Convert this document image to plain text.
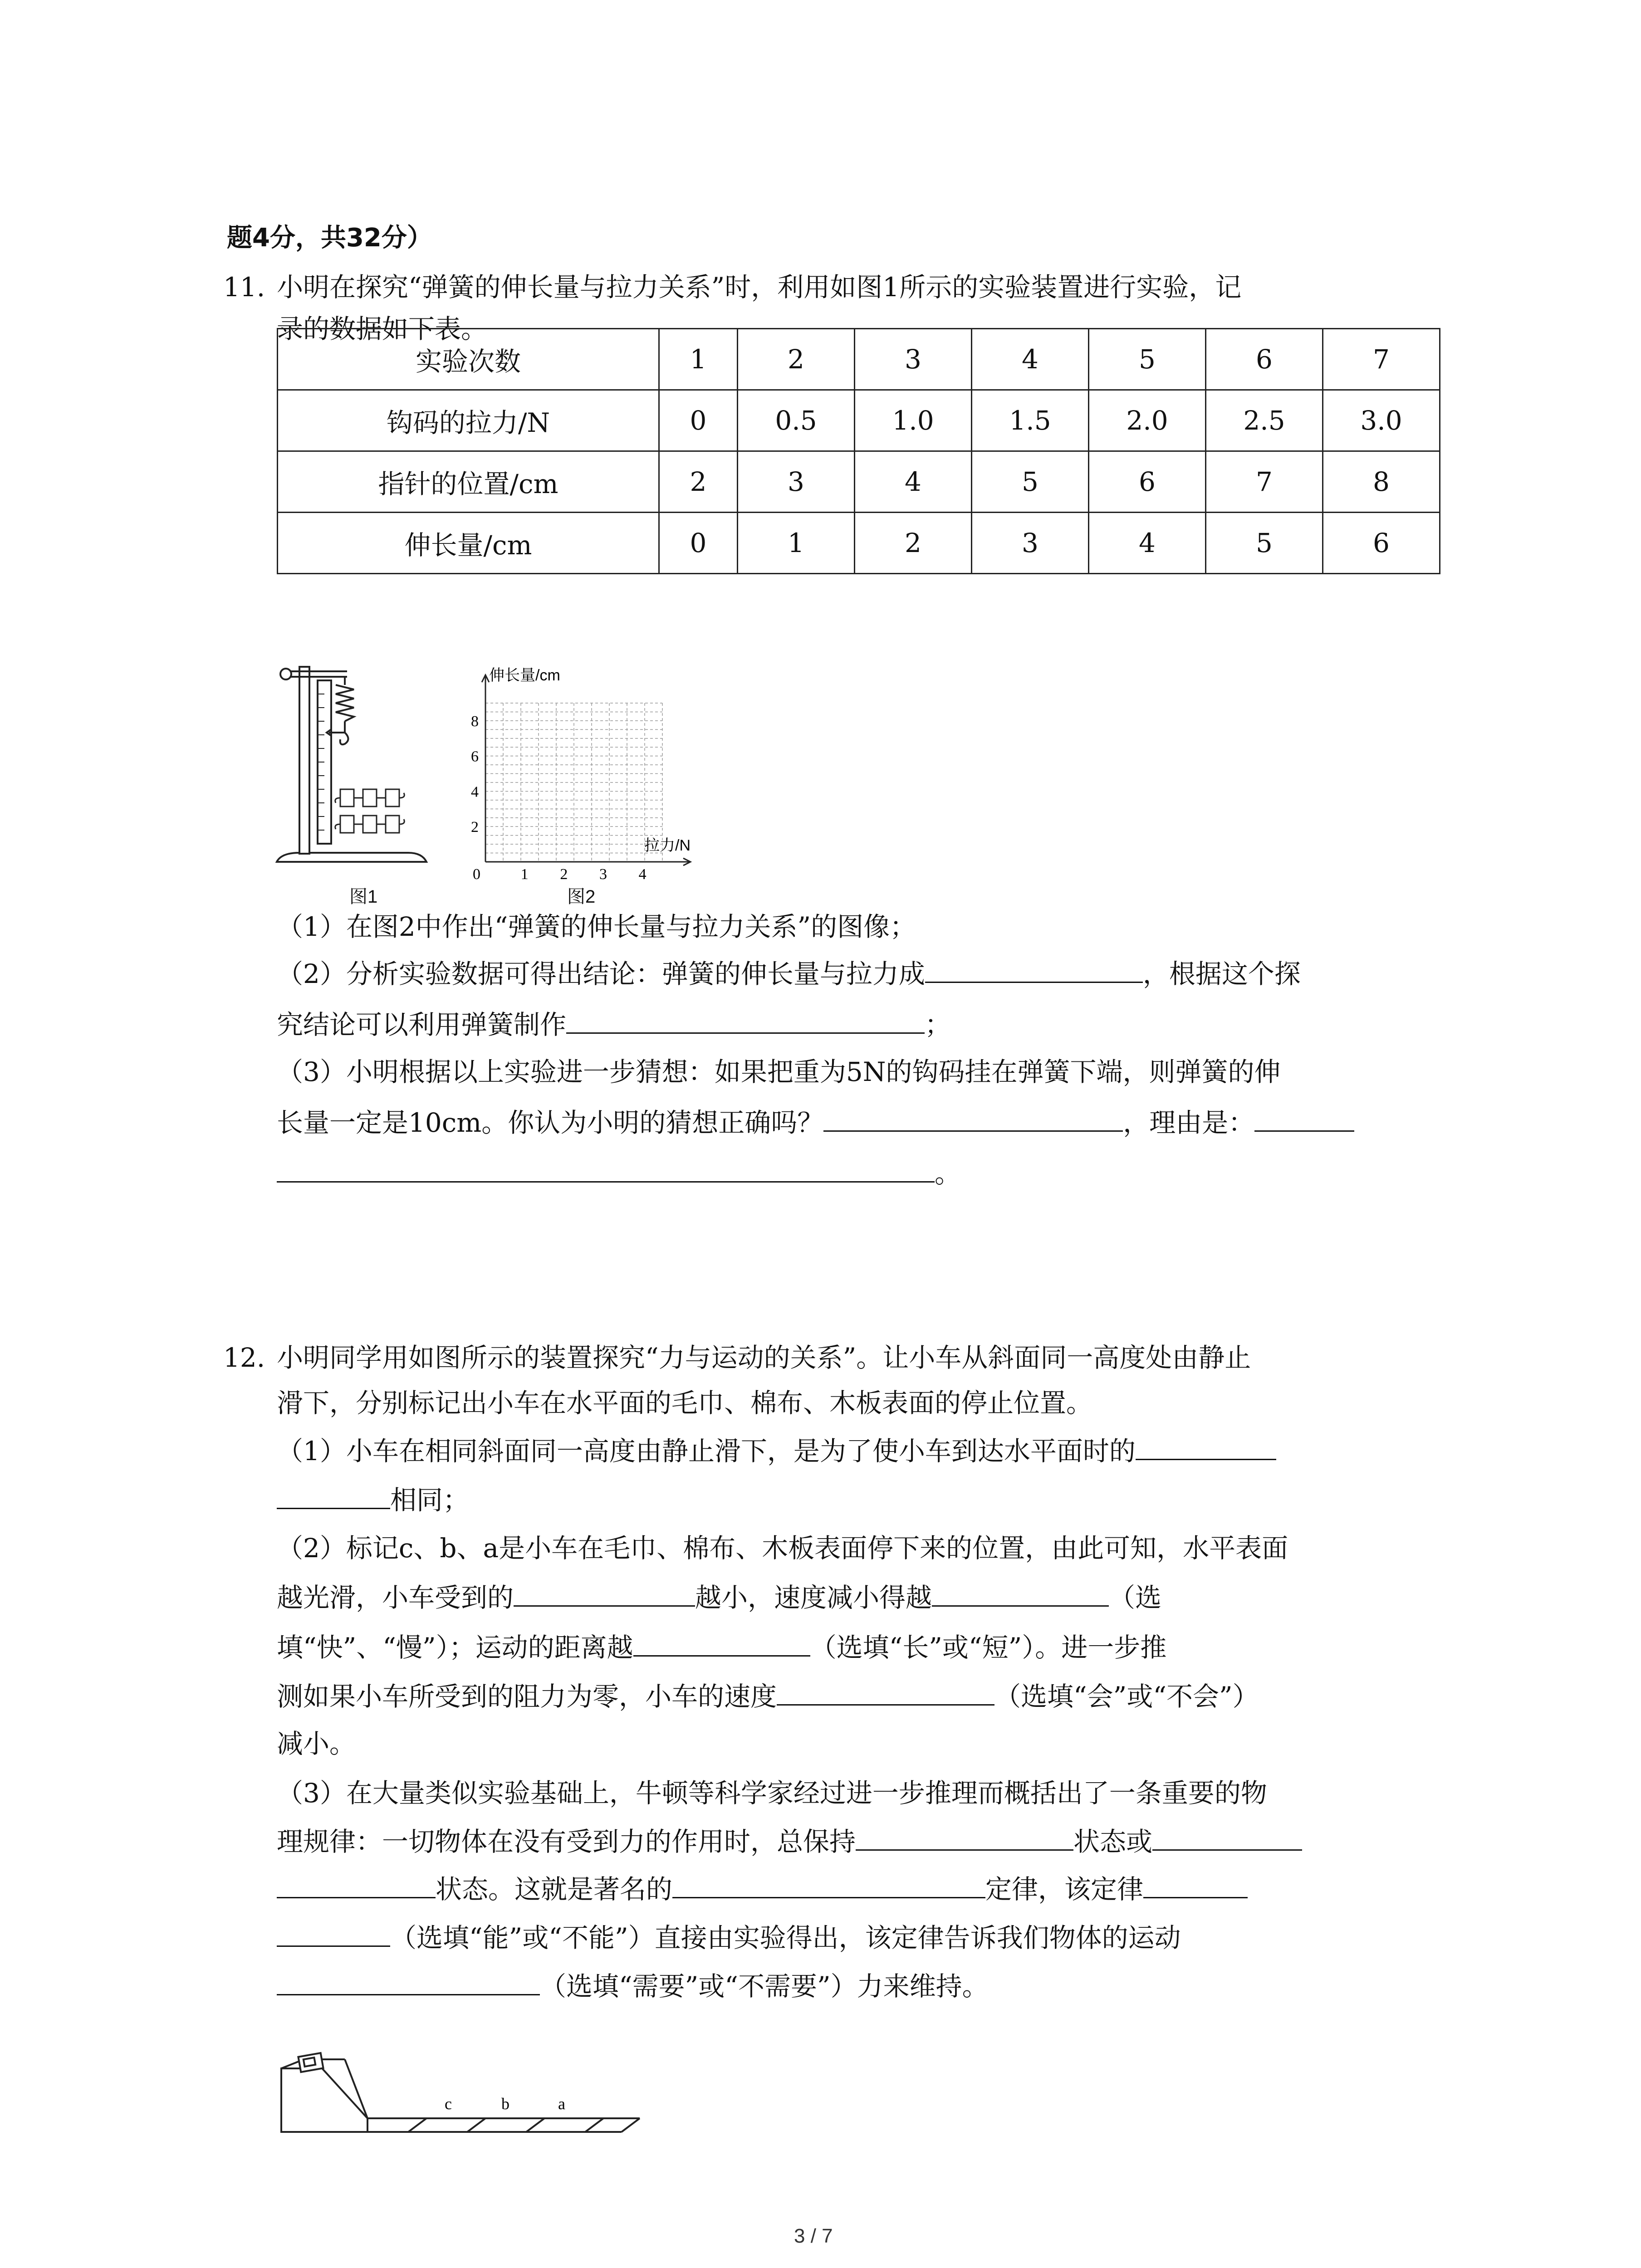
题4分，共32分）
11. 小明在探究“弹簧的伸长量与拉力关系”时，利用如图1所示的实验装置进行实验，记
录的数据如下表。
实验次数	1	2	3	4	5	6	7
钩码的拉力/N	0	0.5	1.0	1.5	2.0	2.5	3.0
指针的位置/cm	2	3	4	5	6	7	8
伸长量/cm	0	1	2	3	4	5	6
图1
2
4
6
8
1 2 3 4
伸长量/cm
拉力/N
0
图2
（1）在图2中作出“弹簧的伸长量与拉力关系”的图像；
（2）分析实验数据可得出结论：弹簧的伸长量与拉力成	，根据这个探
究结论可以利用弹簧制作	；
（3）小明根据以上实验进一步猜想：如果把重为5N的钩码挂在弹簧下端，则弹簧的伸
长量一定是10cm。你认为小明的猜想正确吗？	，理由是：
。
12. 小明同学用如图所示的装置探究“力与运动的关系”。让小车从斜面同一高度处由静止
滑下，分别标记出小车在水平面的毛巾、棉布、木板表面的停止位置。
（1）小车在相同斜面同一高度由静止滑下，是为了使小车到达水平面时的
相同；
（2）标记c、b、a是小车在毛巾、棉布、木板表面停下来的位置，由此可知，水平表面
越光滑，小车受到的	越小，速度减小得越	（选
填“快”、“慢”）；运动的距离越	（选填“长”或“短”）。进一步推
测如果小车所受到的阻力为零，小车的速度	（选填“会”或“不会”）
减小。
（3）在大量类似实验基础上，牛顿等科学家经过进一步推理而概括出了一条重要的物
理规律：一切物体在没有受到力的作用时，总保持	状态或
状态。这就是著名的	定律，该定律
（选填“能”或“不能”）直接由实验得出，该定律告诉我们物体的运动
（选填“需要”或“不需要”）力来维持。
c	b	a
3 / 7
